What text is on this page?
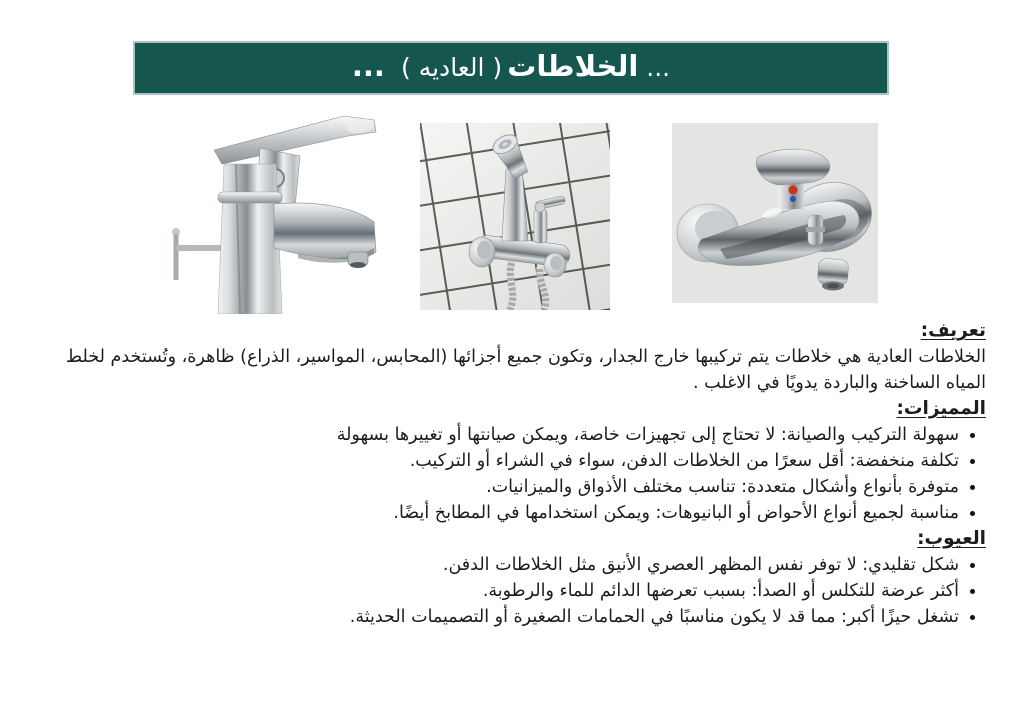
... الخلاطات ( العاديه ) ...
تعريف:

الخلاطات العادية هي خلاطات يتم تركيبها خارج الجدار، وتكون جميع أجزائها (المحابس، المواسير، الذراع) ظاهرة، وتُستخدم لخلط المياه الساخنة والباردة يدويًا في الاغلب .

المميزات:
• سهولة التركيب والصيانة: لا تحتاج إلى تجهيزات خاصة، ويمكن صيانتها أو تغييرها بسهولة
• تكلفة منخفضة: أقل سعرًا من الخلاطات الدفن، سواء في الشراء أو التركيب.
• متوفرة بأنواع وأشكال متعددة: تناسب مختلف الأذواق والميزانيات.
• مناسبة لجميع أنواع الأحواض أو البانيوهات: ويمكن استخدامها في المطابخ أيضًا.
العيوب:
• شكل تقليدي: لا توفر نفس المظهر العصري الأنيق مثل الخلاطات الدفن.
• أكثر عرضة للتكلس أو الصدأ: بسبب تعرضها الدائم للماء والرطوبة.
• تشغل حيزًا أكبر: مما قد لا يكون مناسبًا في الحمامات الصغيرة أو التصميمات الحديثة.
